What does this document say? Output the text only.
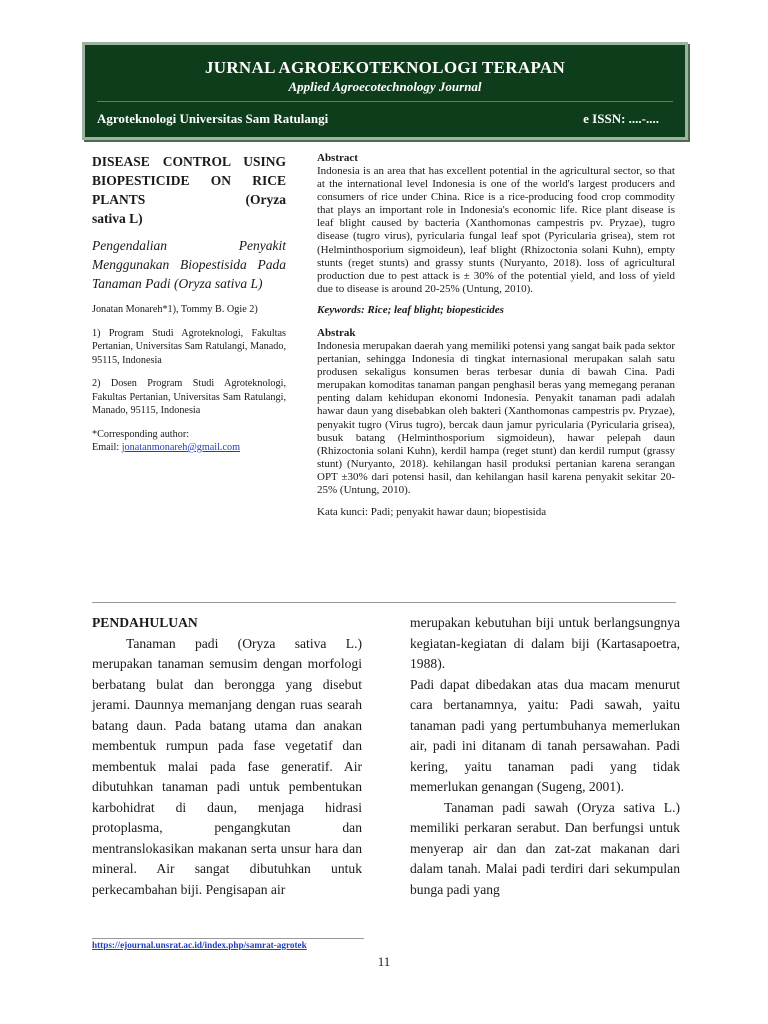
JURNAL AGROEKOTEKNOLOGI TERAPAN
Applied Agroecotechnology Journal
Agroteknologi Universitas Sam Ratulangi	e ISSN: ....-....

DISEASE CONTROL USING BIOPESTICIDE ON RICE PLANTS (Oryza
sativa L)

Pengendalian Penyakit Menggunakan Biopestisida Pada Tanaman Padi (Oryza sativa L)

Jonatan Monareh*1), Tommy B. Ogie 2)

1) Program Studi Agroteknologi, Fakultas Pertanian, Universitas Sam Ratulangi, Manado, 95115, Indonesia

2) Dosen Program Studi Agroteknologi, Fakultas Pertanian, Universitas Sam Ratulangi, Manado, 95115, Indonesia

*Corresponding author:
Email: jonatanmonareh@gmail.com

Abstract

Indonesia is an area that has excellent potential in the agricultural sector, so that at the international level Indonesia is one of the world's largest producers and consumers of rice under China. Rice is a rice-producing food crop commodity that plays an important role in Indonesia's economic life. Rice plant disease is leaf blight caused by bacteria (Xanthomonas campestris pv. Pryzae), tugro disease (tugro virus), pyricularia fungal leaf spot (Pyricularia grisea), stem rot (Helminthosporium sigmoideun), leaf blight (Rhizoctonia solani Kuhn), empty stunts (reget stunts) and grassy stunts (Nuryanto, 2018). loss of agricultural production due to pest attack is ± 30% of the potential yield, and loss of yield due to disease is around 20-25% (Untung, 2010).

Keywords: Rice; leaf blight; biopesticides

Abstrak

Indonesia merupakan daerah yang memiliki potensi yang sangat baik pada sektor pertanian, sehingga Indonesia di tingkat internasional merupakan salah satu produsen sekaligus konsumen beras terbesar dunia di bawah Cina. Padi merupakan komoditas tanaman pangan penghasil beras yang memegang peranan penting dalam kehidupan ekonomi Indonesia. Penyakit tanaman padi adalah hawar daun yang disebabkan oleh bakteri (Xanthomonas campestris pv. Pryzae), penyakit tugro (Virus tugro), bercak daun jamur pyricularia (Pyricularia grisea), busuk batang (Helminthosporium sigmoideun), hawar pelepah daun (Rhizoctonia solani Kuhn), kerdil hampa (reget stunt) dan kerdil rumput (grassy stunt) (Nuryanto, 2018). kehilangan hasil produksi pertanian karena serangan OPT ±30% dari potensi hasil, dan kehilangan hasil karena penyakit sekitar 20-25% (Untung, 2010).

Kata kunci: Padi; penyakit hawar daun; biopestisida

PENDAHULUAN

Tanaman padi (Oryza sativa L.) merupakan tanaman semusim dengan morfologi berbatang bulat dan berongga yang disebut jerami. Daunnya memanjang dengan ruas searah batang daun. Pada batang utama dan anakan membentuk rumpun pada fase vegetatif dan membentuk malai pada fase generatif. Air dibutuhkan tanaman padi untuk pembentukan karbohidrat di daun, menjaga hidrasi protoplasma, pengangkutan dan mentranslokasikan makanan serta unsur hara dan mineral. Air sangat dibutuhkan untuk perkecambahan biji. Pengisapan air

merupakan kebutuhan biji untuk berlangsungnya kegiatan-kegiatan di dalam biji (Kartasapoetra, 1988).

Padi dapat dibedakan atas dua macam menurut cara bertanamnya, yaitu: Padi sawah, yaitu tanaman padi yang pertumbuhanya memerlukan air, padi ini ditanam di tanah persawahan. Padi kering, yaitu tanaman padi yang tidak memerlukan genangan (Sugeng, 2001).

Tanaman padi sawah (Oryza sativa L.) memiliki perkaran serabut. Dan berfungsi untuk menyerap air dan dan zat-zat makanan dari dalam tanah. Malai padi terdiri dari sekumpulan bunga padi yang

https://ejournal.unsrat.ac.id/index.php/samrat-agrotek
11
